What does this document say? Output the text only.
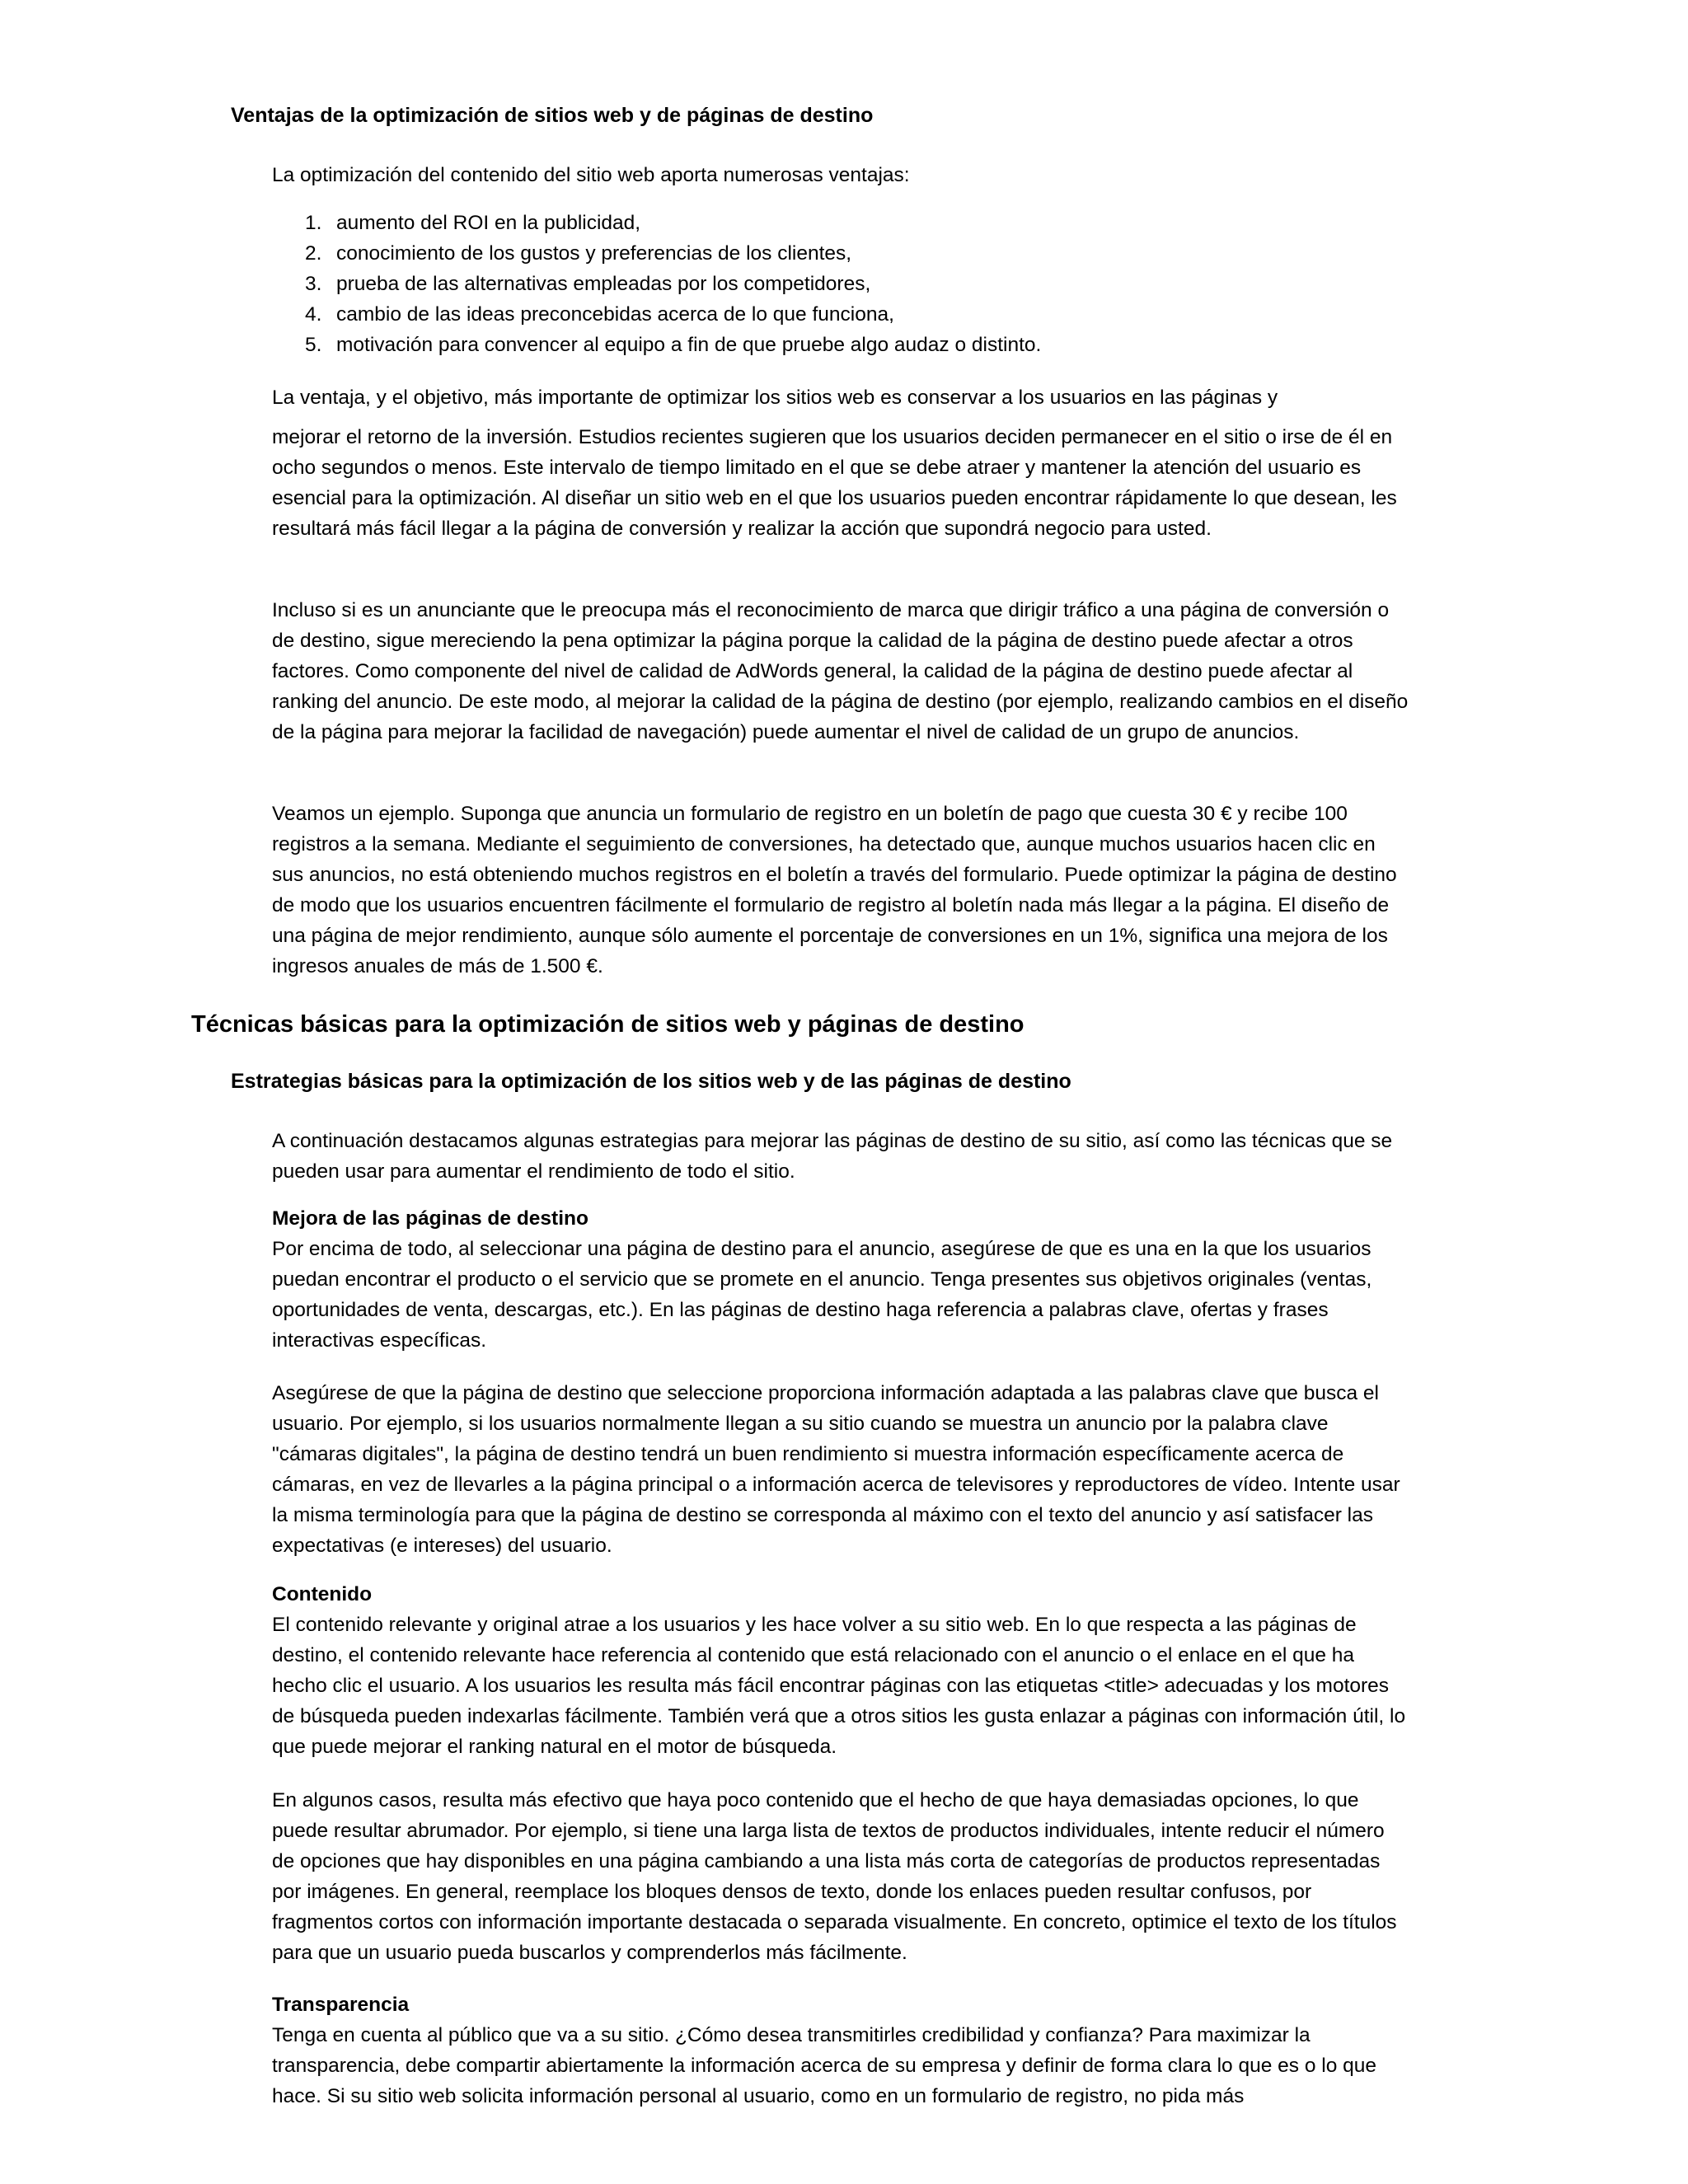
Ventajas de la optimización de sitios web y de páginas de destino

La optimización del contenido del sitio web aporta numerosas ventajas:

1. aumento del ROI en la publicidad,
2. conocimiento de los gustos y preferencias de los clientes,
3. prueba de las alternativas empleadas por los competidores,
4. cambio de las ideas preconcebidas acerca de lo que funciona,
5. motivación para convencer al equipo a fin de que pruebe algo audaz o distinto.

La ventaja, y el objetivo, más importante de optimizar los sitios web es conservar a los usuarios en las páginas y

mejorar el retorno de la inversión. Estudios recientes sugieren que los usuarios deciden permanecer en el sitio o irse de él en ocho segundos o menos. Este intervalo de tiempo limitado en el que se debe atraer y mantener la atención del usuario es esencial para la optimización. Al diseñar un sitio web en el que los usuarios pueden encontrar rápidamente lo que desean, les resultará más fácil llegar a la página de conversión y realizar la acción que supondrá negocio para usted.

Incluso si es un anunciante que le preocupa más el reconocimiento de marca que dirigir tráfico a una página de conversión o de destino, sigue mereciendo la pena optimizar la página porque la calidad de la página de destino puede afectar a otros factores. Como componente del nivel de calidad de AdWords general, la calidad de la página de destino puede afectar al ranking del anuncio. De este modo, al mejorar la calidad de la página de destino (por ejemplo, realizando cambios en el diseño de la página para mejorar la facilidad de navegación) puede aumentar el nivel de calidad de un grupo de anuncios.

Veamos un ejemplo. Suponga que anuncia un formulario de registro en un boletín de pago que cuesta 30 € y recibe 100 registros a la semana. Mediante el seguimiento de conversiones, ha detectado que, aunque muchos usuarios hacen clic en sus anuncios, no está obteniendo muchos registros en el boletín a través del formulario. Puede optimizar la página de destino de modo que los usuarios encuentren fácilmente el formulario de registro al boletín nada más llegar a la página. El diseño de una página de mejor rendimiento, aunque sólo aumente el porcentaje de conversiones en un 1%, significa una mejora de los ingresos anuales de más de 1.500 €.

Técnicas básicas para la optimización de sitios web y páginas de destino
Estrategias básicas para la optimización de los sitios web y de las páginas de destino

A continuación destacamos algunas estrategias para mejorar las páginas de destino de su sitio, así como las técnicas que se pueden usar para aumentar el rendimiento de todo el sitio.

Mejora de las páginas de destino

Por encima de todo, al seleccionar una página de destino para el anuncio, asegúrese de que es una en la que los usuarios puedan encontrar el producto o el servicio que se promete en el anuncio. Tenga presentes sus objetivos originales (ventas, oportunidades de venta, descargas, etc.). En las páginas de destino haga referencia a palabras clave, ofertas y frases interactivas específicas.

Asegúrese de que la página de destino que seleccione proporciona información adaptada a las palabras clave que busca el usuario. Por ejemplo, si los usuarios normalmente llegan a su sitio cuando se muestra un anuncio por la palabra clave "cámaras digitales", la página de destino tendrá un buen rendimiento si muestra información específicamente acerca de cámaras, en vez de llevarles a la página principal o a información acerca de televisores y reproductores de vídeo. Intente usar la misma terminología para que la página de destino se corresponda al máximo con el texto del anuncio y así satisfacer las expectativas (e intereses) del usuario.

Contenido

El contenido relevante y original atrae a los usuarios y les hace volver a su sitio web. En lo que respecta a las páginas de destino, el contenido relevante hace referencia al contenido que está relacionado con el anuncio o el enlace en el que ha hecho clic el usuario. A los usuarios les resulta más fácil encontrar páginas con las etiquetas <title> adecuadas y los motores de búsqueda pueden indexarlas fácilmente. También verá que a otros sitios les gusta enlazar a páginas con información útil, lo que puede mejorar el ranking natural en el motor de búsqueda.

En algunos casos, resulta más efectivo que haya poco contenido que el hecho de que haya demasiadas opciones, lo que puede resultar abrumador. Por ejemplo, si tiene una larga lista de textos de productos individuales, intente reducir el número de opciones que hay disponibles en una página cambiando a una lista más corta de categorías de productos representadas por imágenes. En general, reemplace los bloques densos de texto, donde los enlaces pueden resultar confusos, por fragmentos cortos con información importante destacada o separada visualmente. En concreto, optimice el texto de los títulos para que un usuario pueda buscarlos y comprenderlos más fácilmente.

Transparencia

Tenga en cuenta al público que va a su sitio. ¿Cómo desea transmitirles credibilidad y confianza? Para maximizar la transparencia, debe compartir abiertamente la información acerca de su empresa y definir de forma clara lo que es o lo que hace. Si su sitio web solicita información personal al usuario, como en un formulario de registro, no pida más
